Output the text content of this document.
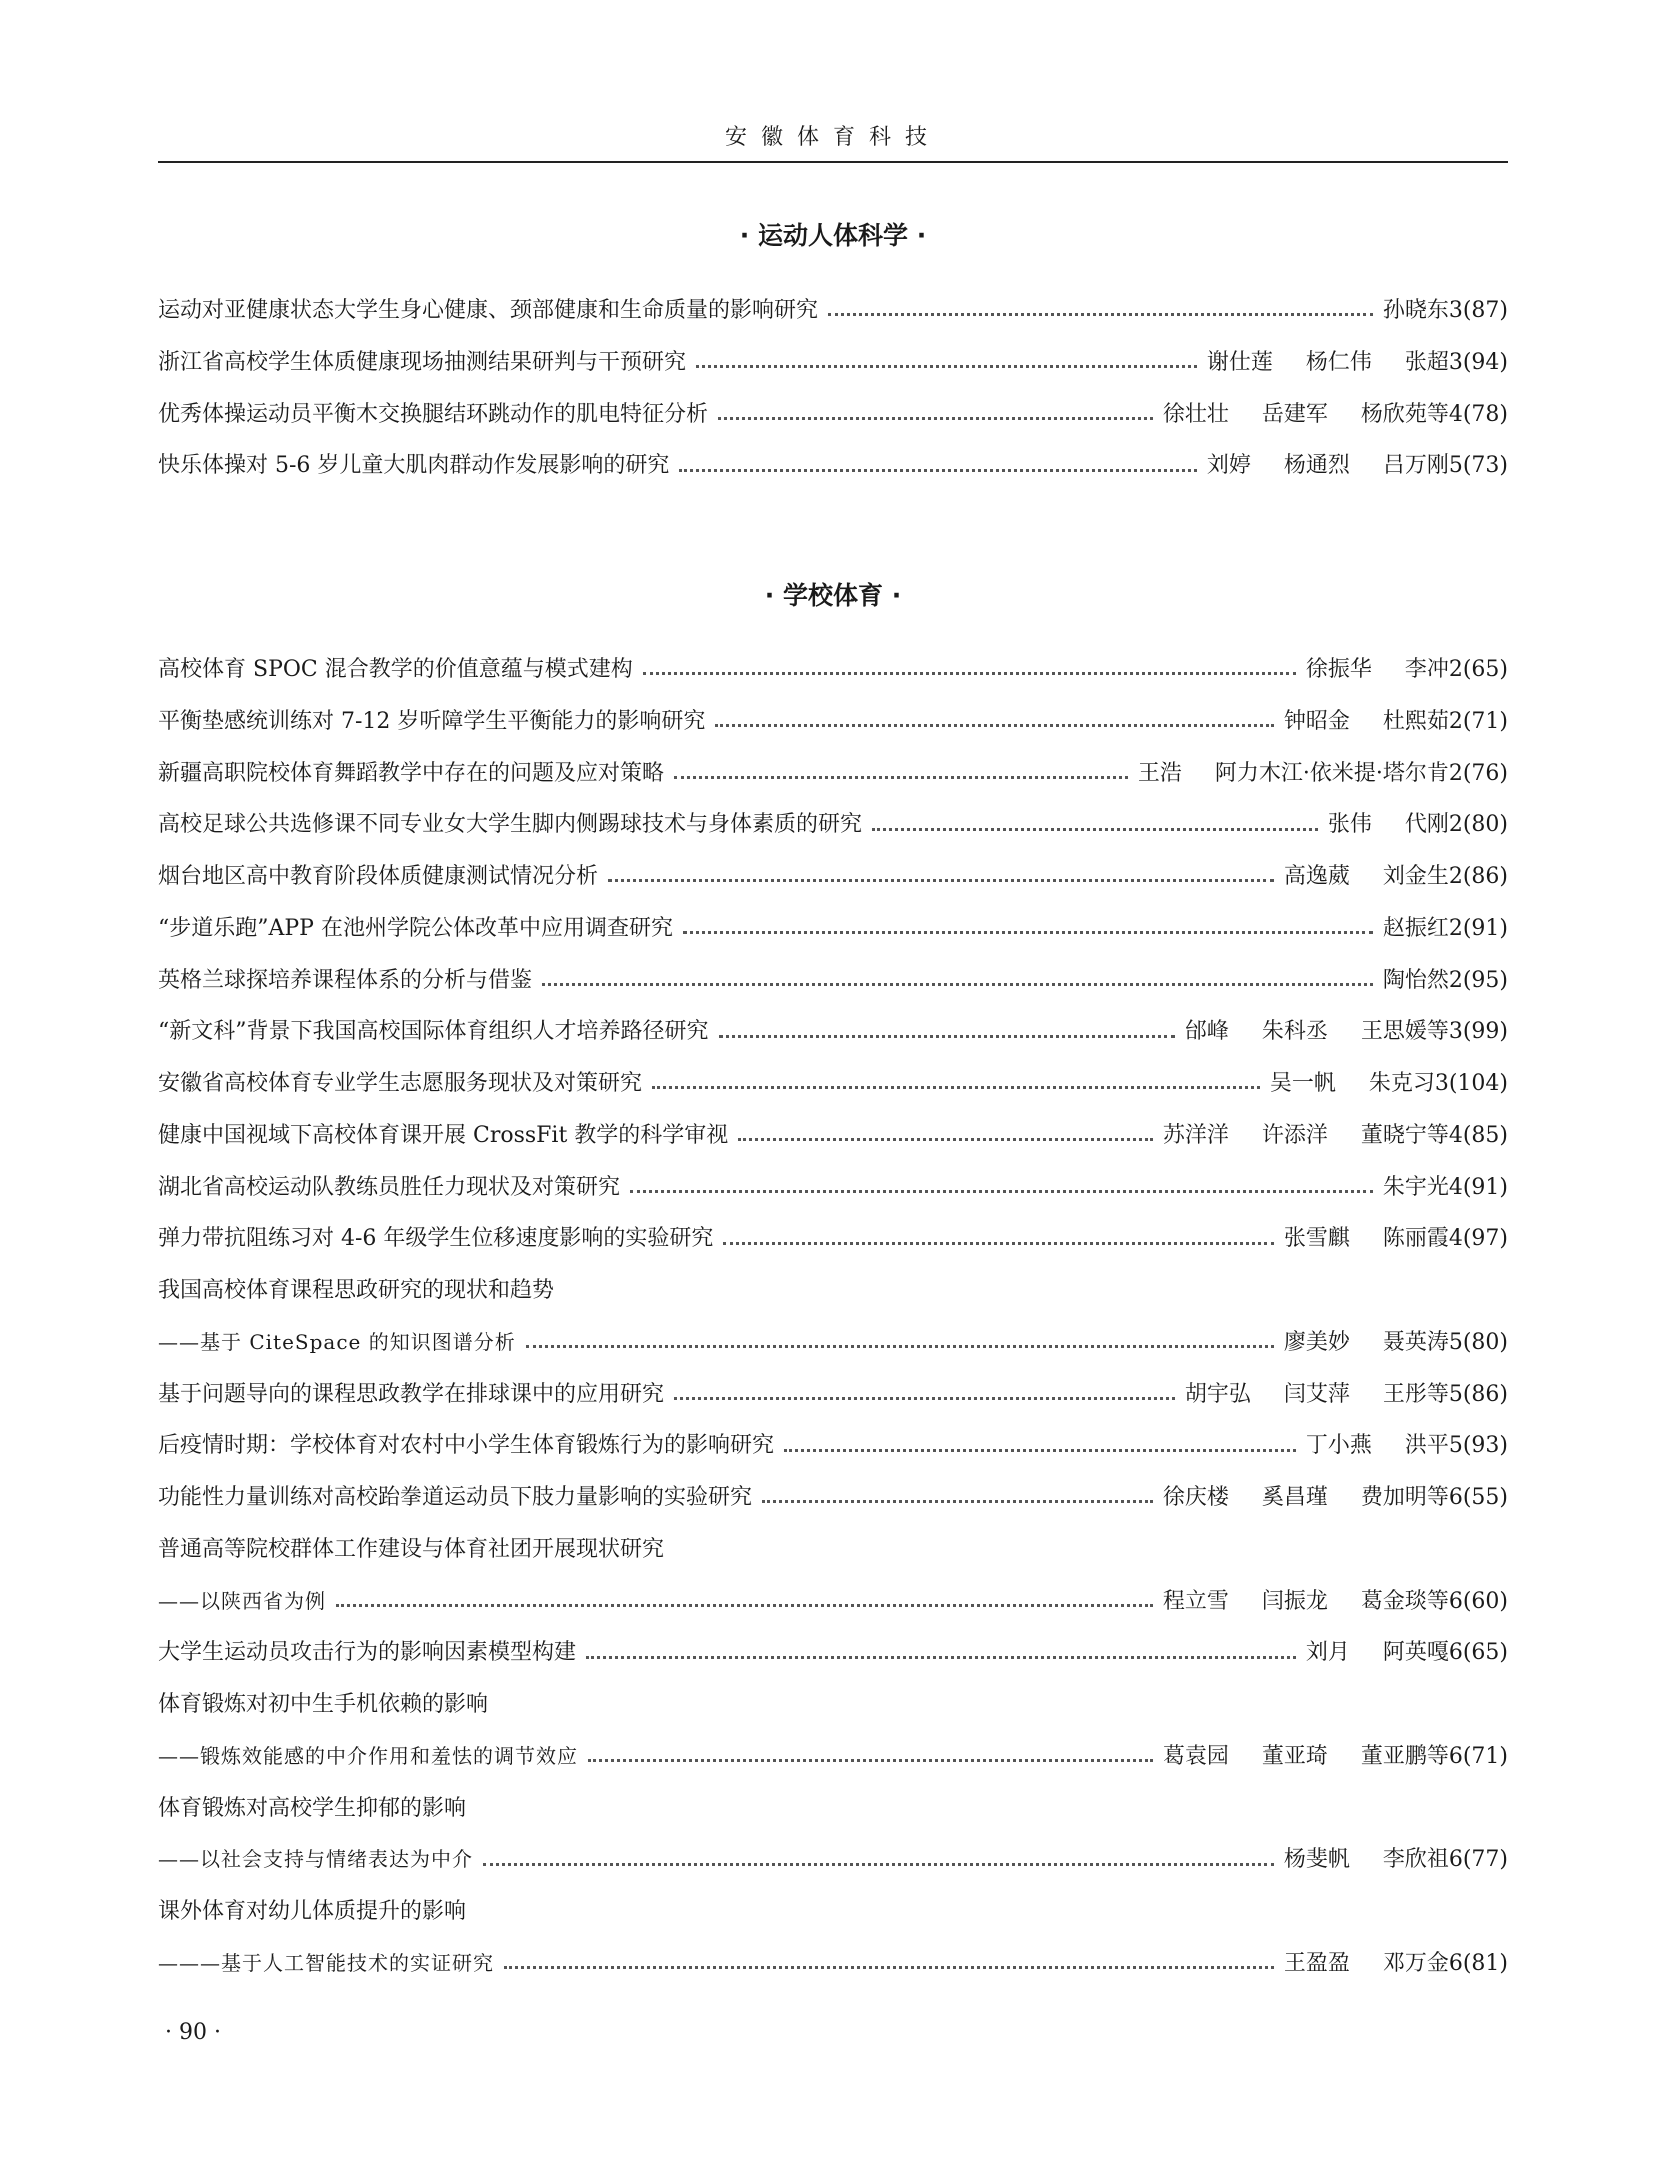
安徽体育科技
· 运动人体科学 ·
运动对亚健康状态大学生身心健康、颈部健康和生命质量的影响研究	孙晓东 3(87)
浙江省高校学生体质健康现场抽测结果研判与干预研究	谢仕莲 杨仁伟 张超 3(94)
优秀体操运动员平衡木交换腿结环跳动作的肌电特征分析	徐壮壮 岳建军 杨欣苑等 4(78)
快乐体操对 5-6 岁儿童大肌肉群动作发展影响的研究	刘婷 杨通烈 吕万刚 5(73)
· 学校体育 ·
高校体育 SPOC 混合教学的价值意蕴与模式建构	徐振华 李冲 2(65)
平衡垫感统训练对 7-12 岁听障学生平衡能力的影响研究	钟昭金 杜熙茹 2(71)
新疆高职院校体育舞蹈教学中存在的问题及应对策略	王浩 阿力木江·依米提·塔尔肯 2(76)
高校足球公共选修课不同专业女大学生脚内侧踢球技术与身体素质的研究	张伟 代刚 2(80)
烟台地区高中教育阶段体质健康测试情况分析	高逸葳 刘金生 2(86)
“步道乐跑”APP 在池州学院公体改革中应用调查研究	赵振红 2(91)
英格兰球探培养课程体系的分析与借鉴	陶怡然 2(95)
“新文科”背景下我国高校国际体育组织人才培养路径研究	邰峰 朱科丞 王思媛等 3(99)
安徽省高校体育专业学生志愿服务现状及对策研究	吴一帆 朱克习 3(104)
健康中国视域下高校体育课开展 CrossFit 教学的科学审视	苏洋洋 许添洋 董晓宁等 4(85)
湖北省高校运动队教练员胜任力现状及对策研究	朱宇光 4(91)
弹力带抗阻练习对 4-6 年级学生位移速度影响的实验研究	张雪麒 陈丽霞 4(97)
我国高校体育课程思政研究的现状和趋势
——基于 CiteSpace 的知识图谱分析	廖美妙 聂英涛 5(80)
基于问题导向的课程思政教学在排球课中的应用研究	胡宇弘 闫艾萍 王彤等 5(86)
后疫情时期：学校体育对农村中小学生体育锻炼行为的影响研究	丁小燕 洪平 5(93)
功能性力量训练对高校跆拳道运动员下肢力量影响的实验研究	徐庆楼 奚昌瑾 费加明等 6(55)
普通高等院校群体工作建设与体育社团开展现状研究
——以陕西省为例	程立雪 闫振龙 葛金琰等 6(60)
大学生运动员攻击行为的影响因素模型构建	刘月 阿英嘎 6(65)
体育锻炼对初中生手机依赖的影响
——锻炼效能感的中介作用和羞怯的调节效应	葛袁园 董亚琦 董亚鹏等 6(71)
体育锻炼对高校学生抑郁的影响
——以社会支持与情绪表达为中介	杨斐帆 李欣祖 6(77)
课外体育对幼儿体质提升的影响
———基于人工智能技术的实证研究	王盈盈 邓万金 6(81)
· 90 ·
